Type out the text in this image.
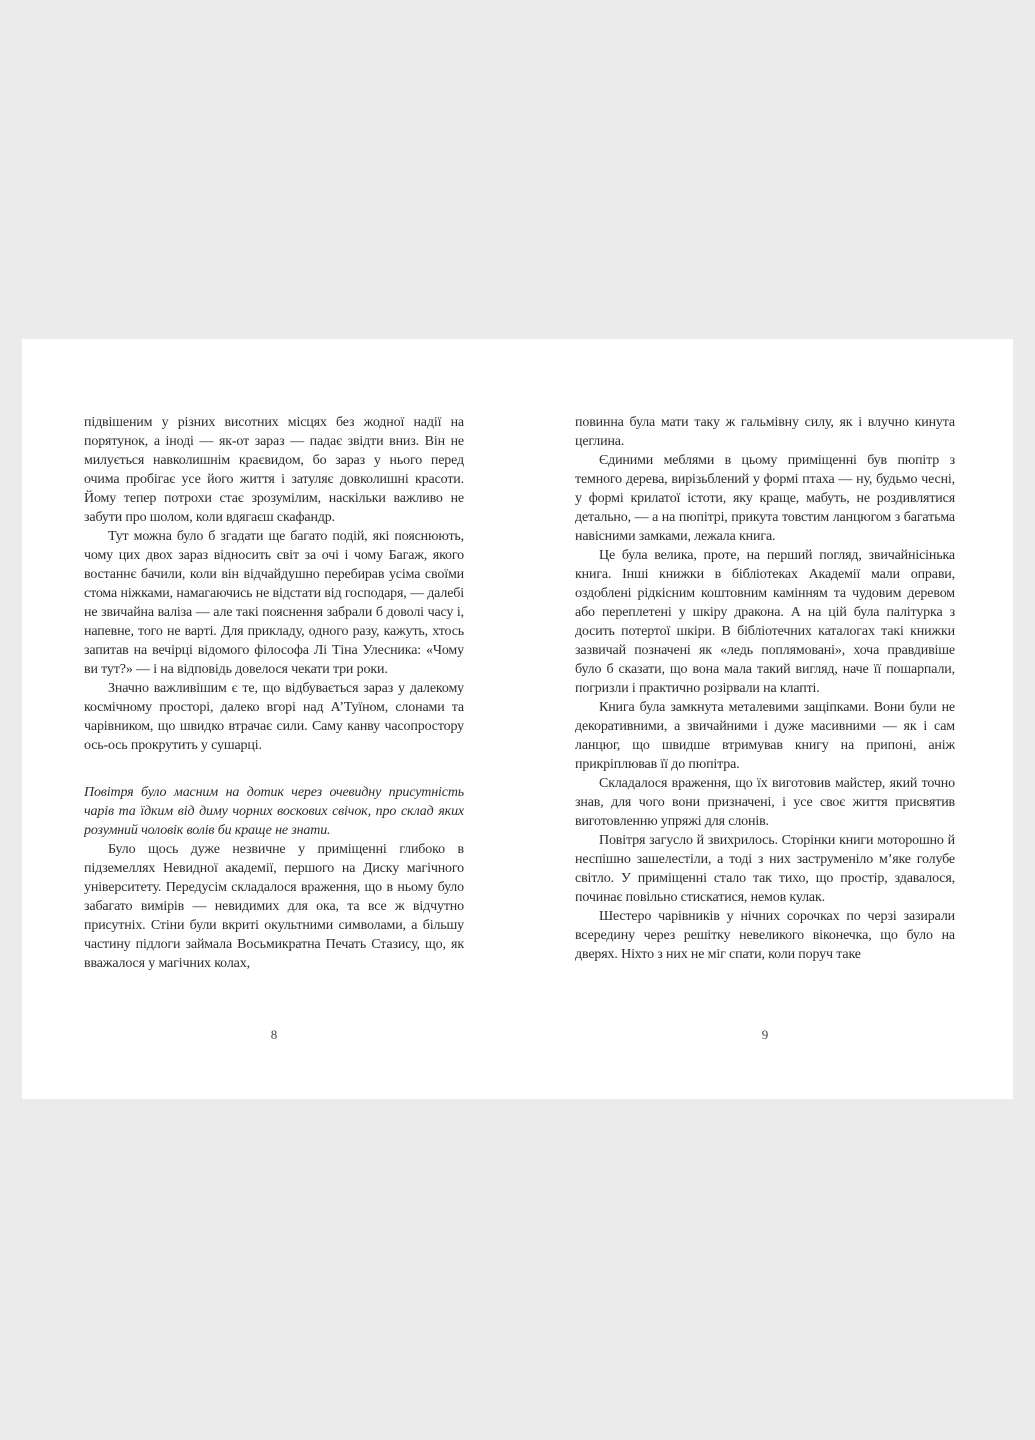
підвішеним у різних висотних місцях без жодної надії на порятунок, а іноді — як-от зараз — падає звідти вниз. Він не милується навколишнім краєвидом, бо зараз у нього перед очима пробігає усе його життя і затуляє довколишні красоти. Йому тепер потрохи стає зрозумілим, наскільки важливо не забути про шолом, коли вдягаєш скафандр.

Тут можна було б згадати ще багато подій, які пояснюють, чому цих двох зараз відносить світ за очі і чому Багаж, якого востаннє бачили, коли він відчайдушно перебирав усіма своїми стома ніжками, намагаючись не відстати від господаря, — далебі не звичайна валіза — але такі пояснення забрали б доволі часу і, напевне, того не варті. Для прикладу, одного разу, кажуть, хтось запитав на вечірці відомого філософа Лі Тіна Улесника: «Чому ви тут?» — і на відповідь довелося чекати три роки.

Значно важливішим є те, що відбувається зараз у далекому космічному просторі, далеко вгорі над А’Туїном, слонами та чарівником, що швидко втрачає сили. Саму канву часопростору ось-ось прокрутить у сушарці.

Повітря було масним на дотик через очевидну присутність чарів та їдким від диму чорних воскових свічок, про склад яких розумний чоловік волів би краще не знати.

Було щось дуже незвичне у приміщенні глибоко в підземеллях Невидної академії, першого на Диску магічного університету. Передусім складалося враження, що в ньому було забагато вимірів — невидимих для ока, та все ж відчутно присутніх. Стіни були вкриті окультними символами, а більшу частину підлоги займала Восьмикратна Печать Стазису, що, як вважалося у магічних колах,

8

повинна була мати таку ж гальмівну силу, як і влучно кинута цеглина.

Єдиними меблями в цьому приміщенні був пюпітр з темного дерева, вирізьблений у формі птаха — ну, будьмо чесні, у формі крилатої істоти, яку краще, мабуть, не роздивлятися детально, — а на пюпітрі, прикута товстим ланцюгом з багатьма навісними замками, лежала книга.

Це була велика, проте, на перший погляд, звичайнісінька книга. Інші книжки в бібліотеках Академії мали оправи, оздоблені рідкісним коштовним камінням та чудовим деревом або переплетені у шкіру дракона. А на цій була палітурка з досить потертої шкіри. В бібліотечних каталогах такі книжки зазвичай позначені як «ледь поплямовані», хоча правдивіше було б сказати, що вона мала такий вигляд, наче її пошарпали, погризли і практично розірвали на клапті.

Книга була замкнута металевими защіпками. Вони були не декоративними, а звичайними і дуже масивними — як і сам ланцюг, що швидше втримував книгу на припоні, аніж прикріплював її до пюпітра.

Складалося враження, що їх виготовив майстер, який точно знав, для чого вони призначені, і усе своє життя присвятив виготовленню упряжі для слонів.

Повітря загусло й звихрилось. Сторінки книги моторошно й неспішно зашелестіли, а тоді з них заструменіло м’яке голубе світло. У приміщенні стало так тихо, що простір, здавалося, починає повільно стискатися, немов кулак.

Шестеро чарівників у нічних сорочках по черзі зазирали всередину через решітку невеликого віконечка, що було на дверях. Ніхто з них не міг спати, коли поруч таке

9
